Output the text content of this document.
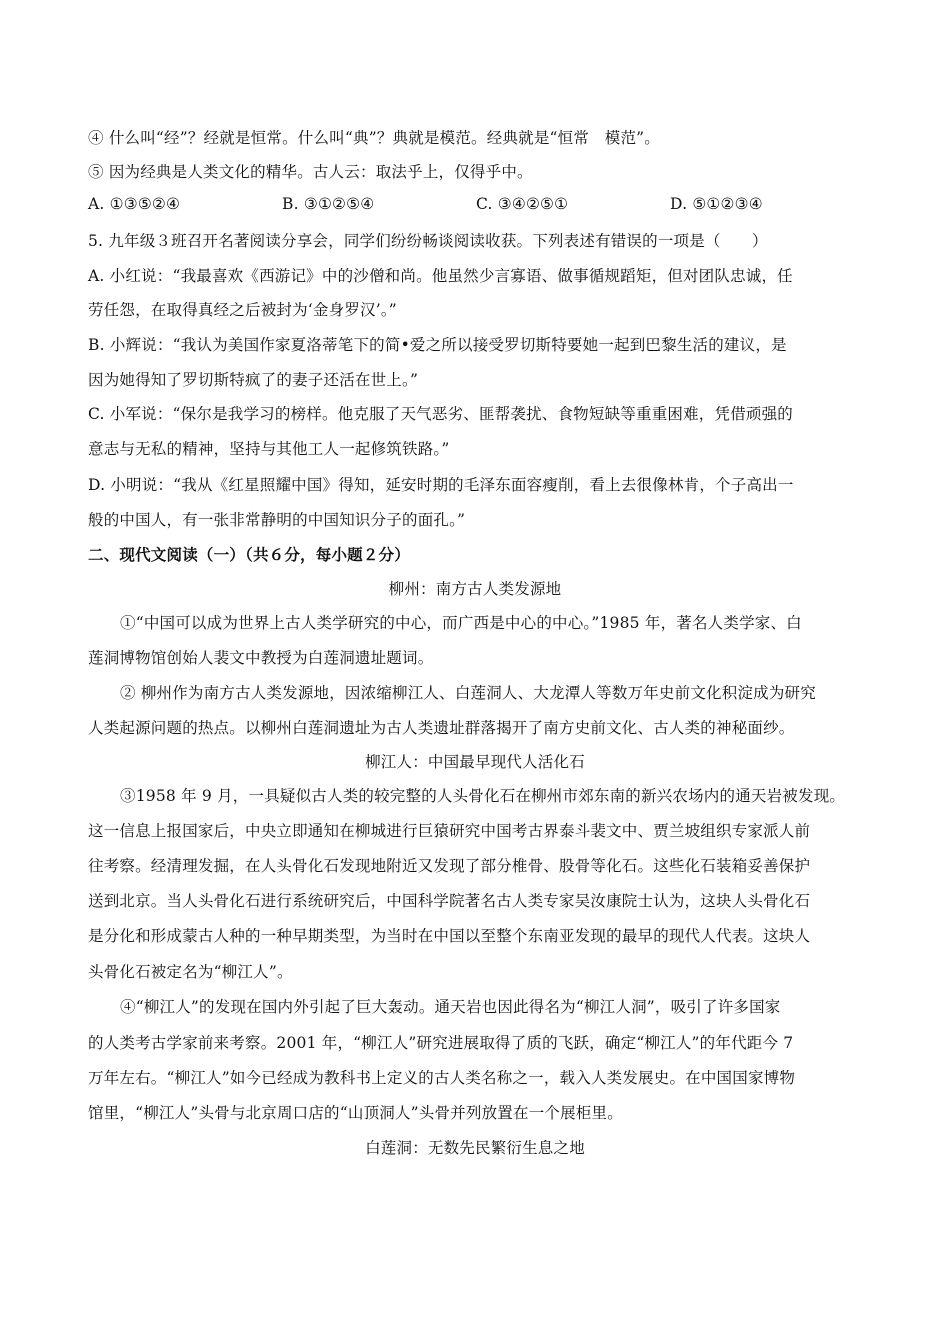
④ 什么叫“经”？经就是恒常。什么叫“典”？典就是模范。经典就是“恒常　模范”。
⑤ 因为经典是人类文化的精华。古人云：取法乎上，仅得乎中。
A. ①③⑤②④	B. ③①②⑤④	C. ③④②⑤①	D. ⑤①②③④
5. 九年级３班召开名著阅读分享会，同学们纷纷畅谈阅读收获。下列表述有错误的一项是（　　）
A. 小红说：“我最喜欢《西游记》中的沙僧和尚。他虽然少言寡语、做事循规蹈矩，但对团队忠诚，任
劳任怨，在取得真经之后被封为‘金身罗汉’。”
B. 小辉说：“我认为美国作家夏洛蒂笔下的简•爱之所以接受罗切斯特要她一起到巴黎生活的建议，是
因为她得知了罗切斯特疯了的妻子还活在世上。”
C. 小军说：“保尔是我学习的榜样。他克服了天气恶劣、匪帮袭扰、食物短缺等重重困难，凭借顽强的
意志与无私的精神，坚持与其他工人一起修筑铁路。”
D. 小明说：“我从《红星照耀中国》得知，延安时期的毛泽东面容瘦削，看上去很像林肯，个子高出一
般的中国人，有一张非常静明的中国知识分子的面孔。”
二、现代文阅读（一）（共６分，每小题２分）
柳州：南方古人类发源地
①“中国可以成为世界上古人类学研究的中心，而广西是中心的中心。”1985 年，著名人类学家、白
莲洞博物馆创始人裴文中教授为白莲洞遗址题词。
② 柳州作为南方古人类发源地，因浓缩柳江人、白莲洞人、大龙潭人等数万年史前文化积淀成为研究
人类起源问题的热点。以柳州白莲洞遗址为古人类遗址群落揭开了南方史前文化、古人类的神秘面纱。
柳江人：中国最早现代人活化石
③1958 年 9 月，一具疑似古人类的较完整的人头骨化石在柳州市郊东南的新兴农场内的通天岩被发现。
这一信息上报国家后，中央立即通知在柳城进行巨猿研究中国考古界泰斗裴文中、贾兰坡组织专家派人前
往考察。经清理发掘，在人头骨化石发现地附近又发现了部分椎骨、股骨等化石。这些化石装箱妥善保护
送到北京。当人头骨化石进行系统研究后，中国科学院著名古人类专家吴汝康院士认为，这块人头骨化石
是分化和形成蒙古人种的一种早期类型，为当时在中国以至整个东南亚发现的最早的现代人代表。这块人
头骨化石被定名为“柳江人”。
④“柳江人”的发现在国内外引起了巨大轰动。通天岩也因此得名为“柳江人洞”，吸引了许多国家
的人类考古学家前来考察。2001 年，“柳江人”研究进展取得了质的飞跃，确定“柳江人”的年代距今 7
万年左右。“柳江人”如今已经成为教科书上定义的古人类名称之一，载入人类发展史。在中国国家博物
馆里，“柳江人”头骨与北京周口店的“山顶洞人”头骨并列放置在一个展柜里。
白莲洞：无数先民繁衍生息之地
